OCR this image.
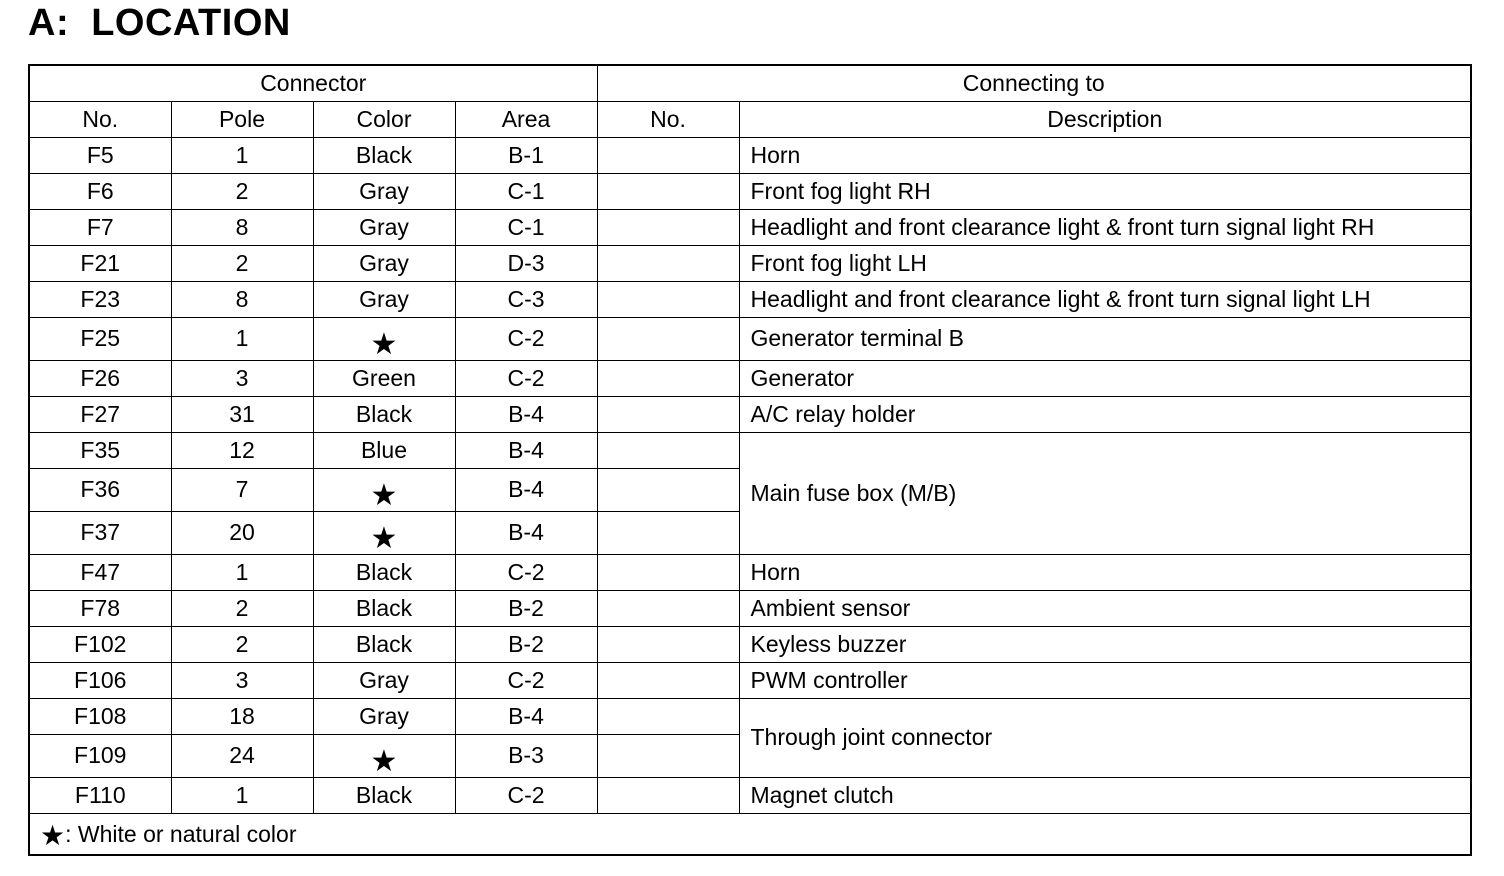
A:  LOCATION
Connector				Connecting to	
No.	Pole	Color	Area	No.	Description
F5	1	Black	B-1		Horn
F6	2	Gray	C-1		Front fog light RH
F7	8	Gray	C-1		Headlight and front clearance light & front turn signal light RH
F21	2	Gray	D-3		Front fog light LH
F23	8	Gray	C-3		Headlight and front clearance light & front turn signal light LH
F25	1	★	C-2		Generator terminal B
F26	3	Green	C-2		Generator
F27	31	Black	B-4		A/C relay holder
F35	12	Blue	B-4		Main fuse box (M/B)
F36	7	★	B-4		
F37	20	★	B-4		
F47	1	Black	C-2		Horn
F78	2	Black	B-2		Ambient sensor
F102	2	Black	B-2		Keyless buzzer
F106	3	Gray	C-2		PWM controller
F108	18	Gray	B-4		Through joint connector
F109	24	★	B-3		
F110	1	Black	C-2		Magnet clutch
★: White or natural color					
